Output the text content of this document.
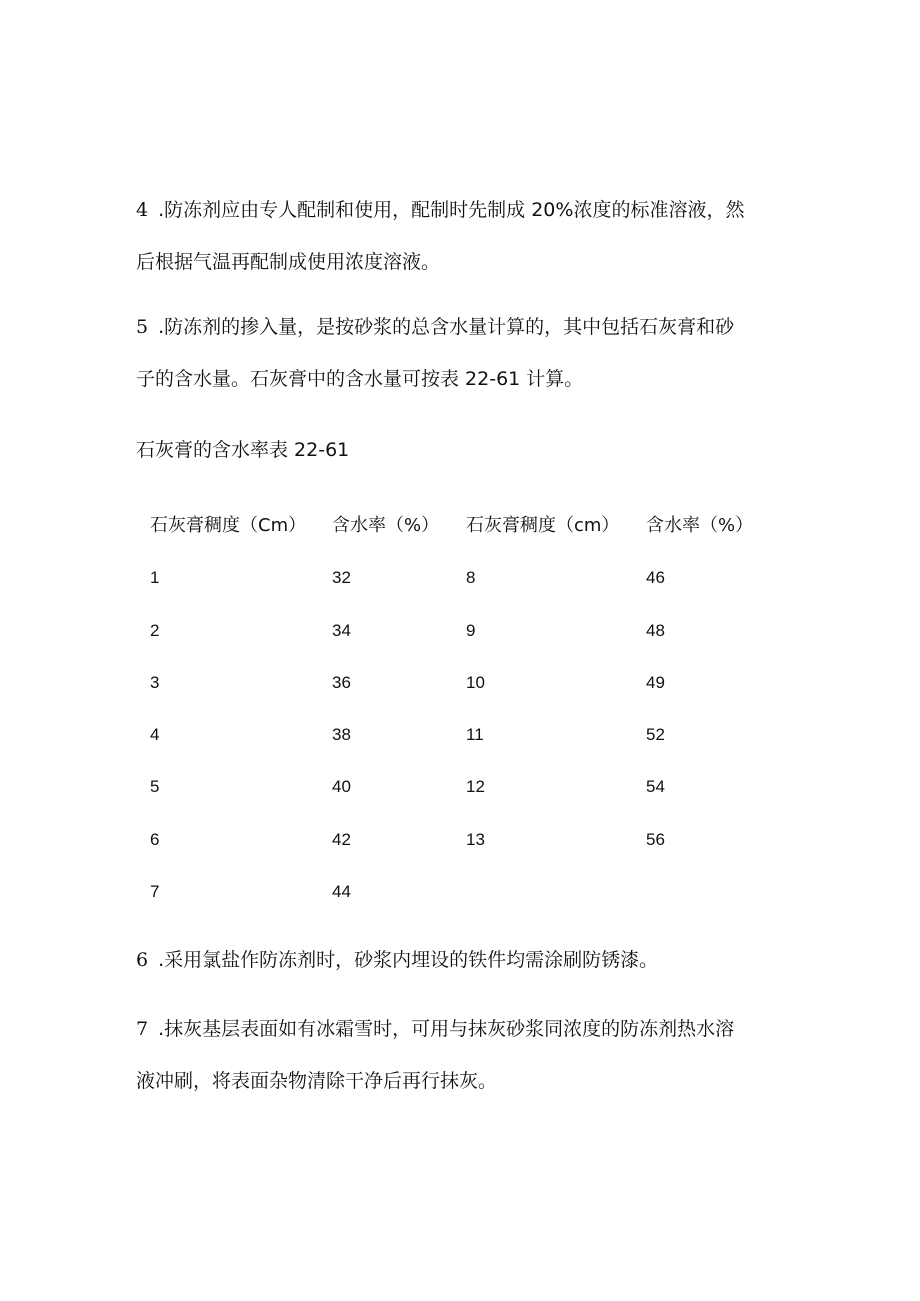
4 .防冻剂应由专人配制和使用，配制时先制成 20%浓度的标准溶液，然
后根据气温再配制成使用浓度溶液。

5 .防冻剂的掺入量，是按砂浆的总含水量计算的，其中包括石灰膏和砂
子的含水量。石灰膏中的含水量可按表 22-61 计算。

石灰膏的含水率表 22-61

石灰膏稠度（Cm） 含水率（%） 石灰膏稠度（cm） 含水率（%）
1	32	8	46
2	34	9	48
3	36	10	49
4	38	11	52
5	40	12	54
6	42	13	56
7	44

6 .采用氯盐作防冻剂时，砂浆内埋设的铁件均需涂刷防锈漆。

7 .抹灰基层表面如有冰霜雪时，可用与抹灰砂浆同浓度的防冻剂热水溶
液冲刷，将表面杂物清除干净后再行抹灰。
